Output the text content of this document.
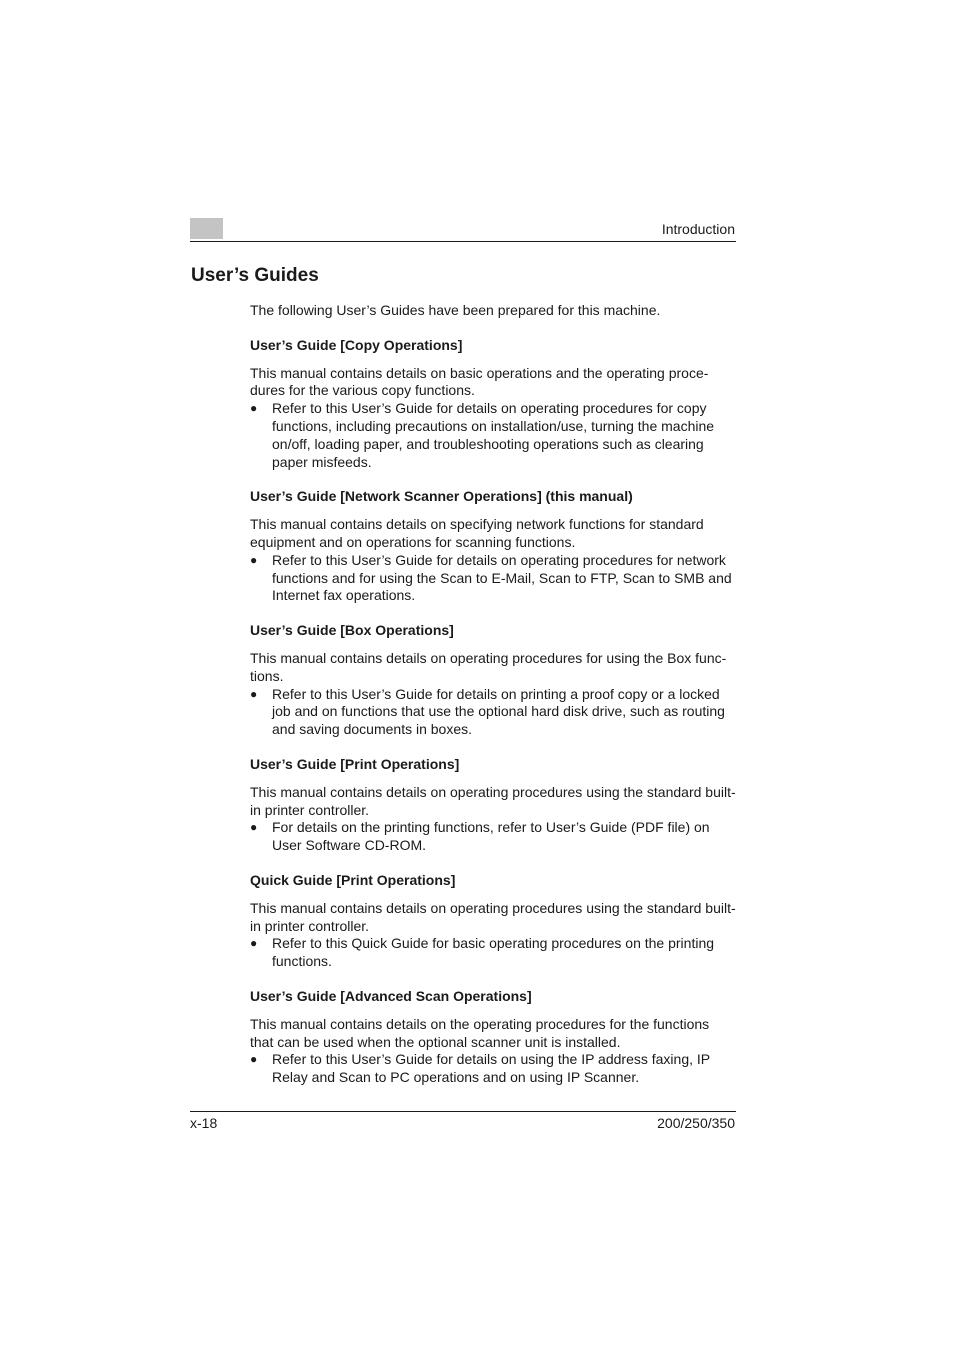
Introduction
User’s Guides

The following User’s Guides have been prepared for this machine.

User’s Guide [Copy Operations]

This manual contains details on basic operations and the operating proce-dures for the various copy functions.

● Refer to this User’s Guide for details on operating procedures for copy functions, including precautions on installation/use, turning the machine on/off, loading paper, and troubleshooting operations such as clearing paper misfeeds.
User’s Guide [Network Scanner Operations] (this manual)

This manual contains details on specifying network functions for standard equipment and on operations for scanning functions.

● Refer to this User’s Guide for details on operating procedures for network functions and for using the Scan to E-Mail, Scan to FTP, Scan to SMB and Internet fax operations.
User’s Guide [Box Operations]

This manual contains details on operating procedures for using the Box func-tions.

● Refer to this User’s Guide for details on printing a proof copy or a locked job and on functions that use the optional hard disk drive, such as routing and saving documents in boxes.
User’s Guide [Print Operations]

This manual contains details on operating procedures using the standard built-in printer controller.

● For details on the printing functions, refer to User’s Guide (PDF file) on User Software CD-ROM.
Quick Guide [Print Operations]

This manual contains details on operating procedures using the standard built-in printer controller.

● Refer to this Quick Guide for basic operating procedures on the printing functions.
User’s Guide [Advanced Scan Operations]

This manual contains details on the operating procedures for the functions that can be used when the optional scanner unit is installed.

● Refer to this User’s Guide for details on using the IP address faxing, IP Relay and Scan to PC operations and on using IP Scanner.
x-18	200/250/350
